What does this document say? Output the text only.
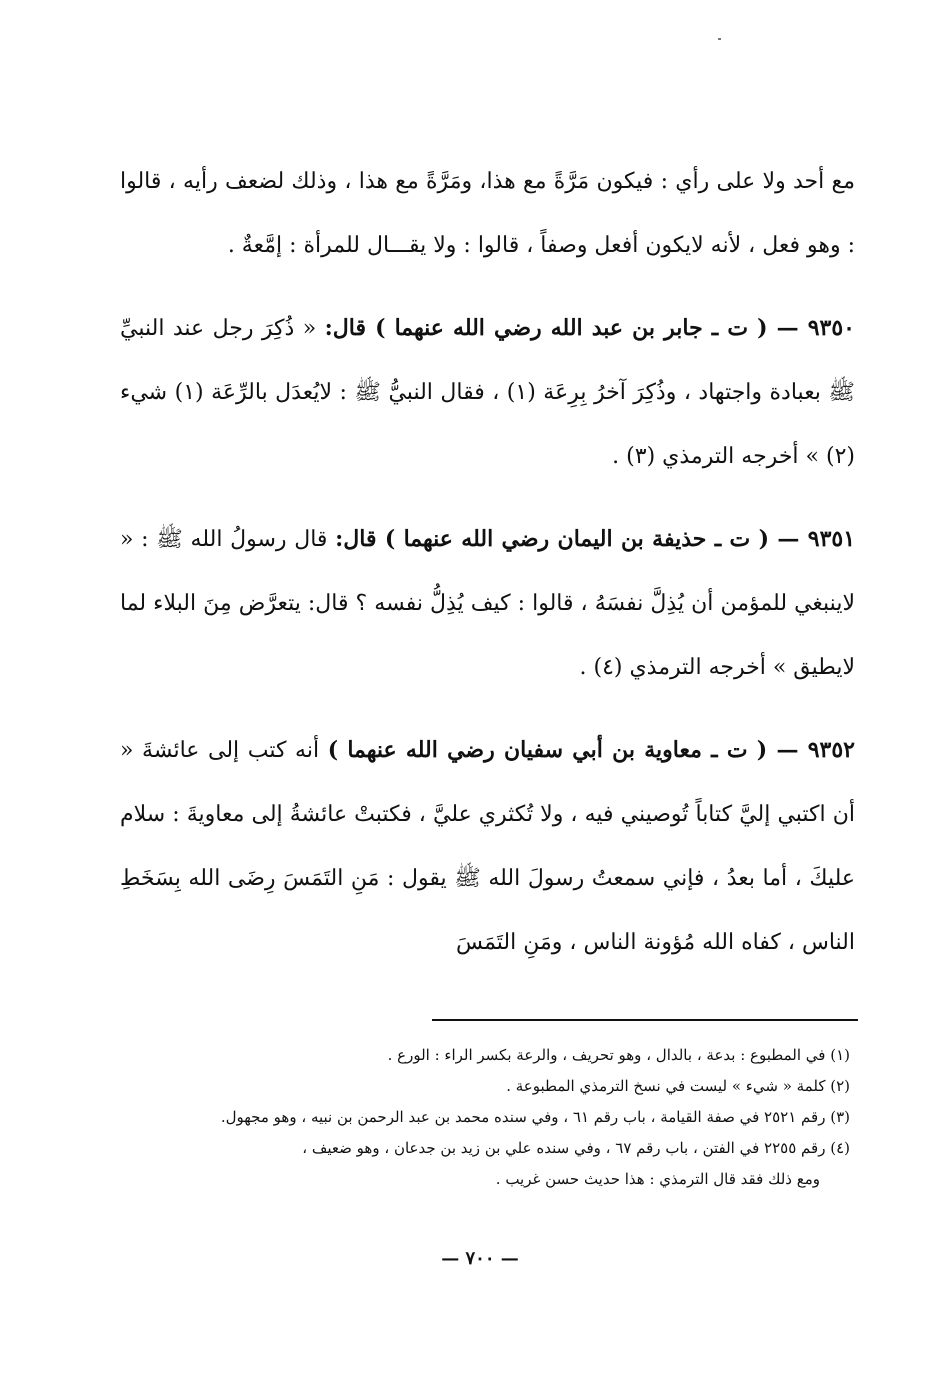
مع أحد ولا على رأي : فيكون مَرَّةً مع هذا، ومَرَّةً مع هذا ، وذلك لضعف رأيه ، قالوا : وهو فعل ، لأنه لايكون أفعل وصفاً ، قالوا : ولا يقـــال للمرأة : إمَّعةٌ .

٩٣٥٠ — ( ت ـ جابر بن عبد الله رضي الله عنهما ) قال: « ذُكِرَ رجل عند النبيِّ ﷺ بعبادة واجتهاد ، وذُكِرَ آخرُ بِرِعَة (١) ، فقال النبيُّ ﷺ : لايُعدَل بالرِّعَة (١) شيء (٢) » أخرجه الترمذي (٣) .

٩٣٥١ — ( ت ـ حذيفة بن اليمان رضي الله عنهما ) قال: قال رسولُ الله ﷺ : « لاينبغي للمؤمن أن يُذِلَّ نفسَهُ ، قالوا : كيف يُذِلُّ نفسه ؟ قال: يتعرَّض مِنَ البلاء لما لايطيق » أخرجه الترمذي (٤) .

٩٣٥٢ — ( ت ـ معاوية بن أبي سفيان رضي الله عنهما ) أنه كتب إلى عائشةَ « أن اكتبي إليَّ كتاباً تُوصيني فيه ، ولا تُكثري عليَّ ، فكتبتْ عائشةُ إلى معاويةَ : سلام عليكَ ، أما بعدُ ، فإني سمعتُ رسولَ الله ﷺ يقول : مَنِ التَمَسَ رِضَى الله بِسَخَطِ الناس ، كفاه الله مُؤونة الناس ، ومَنِ التَمَسَ

(١) في المطبوع : بدعة ، بالدال ، وهو تحريف ، والرعة بكسر الراء : الورع .

(٢) كلمة « شيء » ليست في نسخ الترمذي المطبوعة .

(٣) رقم ٢٥٢١ في صفة القيامة ، باب رقم ٦١ ، وفي سنده محمد بن عبد الرحمن بن نبيه ، وهو مجهول.

(٤) رقم ٢٢٥٥ في الفتن ، باب رقم ٦٧ ، وفي سنده علي بن زيد بن جدعان ، وهو ضعيف ،

ومع ذلك فقد قال الترمذي : هذا حديث حسن غريب .

— ٧٠٠ —
